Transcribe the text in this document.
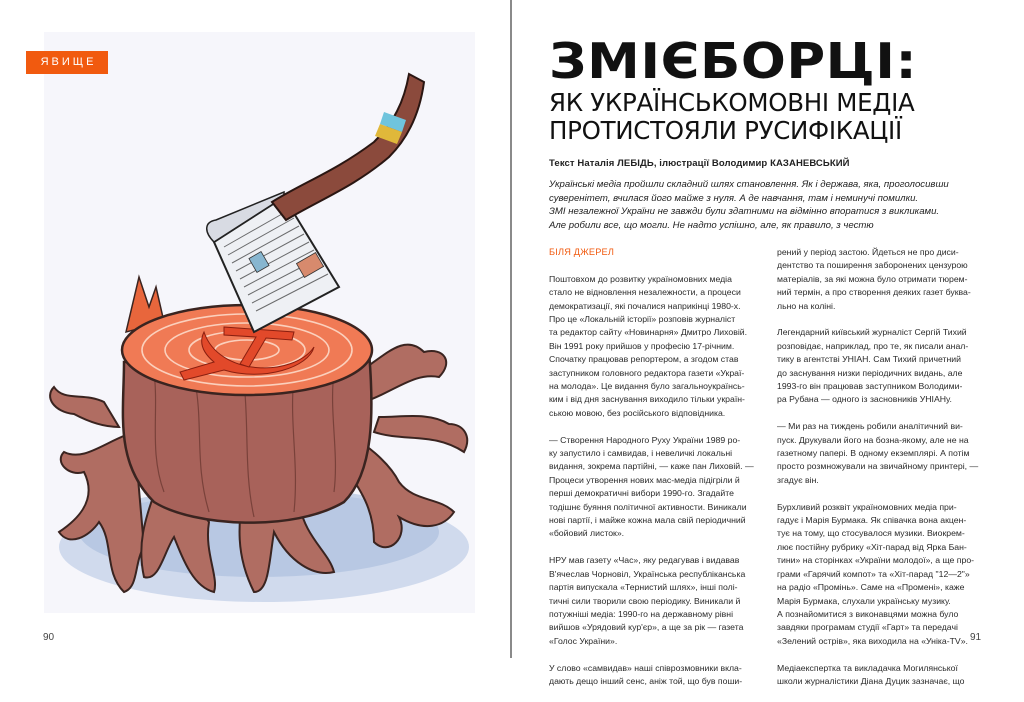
ЯВИЩЕ
90
ЗМІЄБОРЦІ:
ЯК УКРАЇНСЬКОМОВНІ МЕДІА
ПРОТИСТОЯЛИ РУСИФІКАЦІЇ
Текст Наталія ЛЕБІДЬ, ілюстрації Володимир КАЗАНЕВСЬКИЙ
Українські медіа пройшли складний шлях становлення. Як і держава, яка, проголосивши
суверенітет, вчилася його майже з нуля. А де навчання, там і неминучі помилки.
ЗМІ незалежної України не завжди були здатними на відмінно впоратися з викликами.
Але робили все, що могли. Не надто успішно, але, як правило, з честю
БІЛЯ ДЖЕРЕЛ
Поштовхом до розвитку україномовних медіа
стало не відновлення незалежности, а процеси
демократизації, які почалися наприкінці 1980-х.
Про це «Локальній історії» розповів журналіст
та редактор сайту «Новинарня» Дмитро Лиховій.
Він 1991 року прийшов у професію 17-річним.
Спочатку працював репортером, а згодом став
заступником головного редактора газети «Украї-
на молода». Це видання було загальноукраїнсь-
ким і від дня заснування виходило тільки україн-
ською мовою, без російського відповідника.
— Створення Народного Руху України 1989 ро-
ку запустило і самвидав, і невеличкі локальні
видання, зокрема партійні, — каже пан Лиховій. —
Процеси утворення нових мас-медіа підігріли й
перші демократичні вибори 1990-го. Згадайте
тодішнє буяння політичної активности. Виникали
нові партії, і майже кожна мала свій періодичний
«бойовий листок».
НРУ мав газету «Час», яку редагував і видавав
В'ячеслав Чорновіл, Українська республіканська
партія випускала «Тернистий шлях», інші полі-
тичні сили творили свою періодику. Виникали й
потужніші медіа: 1990-го на державному рівні
вийшов «Урядовий кур'єр», а ще за рік — газета
«Голос України».
У слово «самвидав» наші співрозмовники вкла-
дають дещо інший сенс, аніж той, що був поши-
рений у період застою. Йдеться не про диси-
дентство та поширення заборонених цензурою
матеріалів, за які можна було отримати тюрем-
ний термін, а про створення деяких газет буква-
льно на коліні.
Легендарний київський журналіст Сергій Тихий
розповідає, наприклад, про те, як писали анал-
тику в агентстві УНІАН. Сам Тихий причетний
до заснування низки періодичних видань, але
1993-го він працював заступником Володими-
ра Рубана — одного із засновників УНІАНу.
— Ми раз на тиждень робили аналітичний ви-
пуск. Друкували його на бозна-якому, але не на
газетному папері. В одному екземплярі. А потім
просто розмножували на звичайному принтері, —
згадує він.
Бурхливий розквіт україномовних медіа при-
гадує і Марія Бурмака. Як співачка вона акцен-
тує на тому, що стосувалося музики. Виокрем-
лює постійну рубрику «Хіт-парад від Ярка Бан-
тини» на сторінках «України молодої», а ще про-
грами «Гарячий компот» та «Хіт-парад "12—2"»
на радіо «Промінь». Саме на «Промені», каже
Марія Бурмака, слухали українську музику.
А познайомитися з виконавцями можна було
завдяки програмам студії «Гарт» та передачі
«Зелений острів», яка виходила на «Уніка-TV».
Медіаекспертка та викладачка Могилянської
школи журналістики Діана Дуцик зазначає, що
91
